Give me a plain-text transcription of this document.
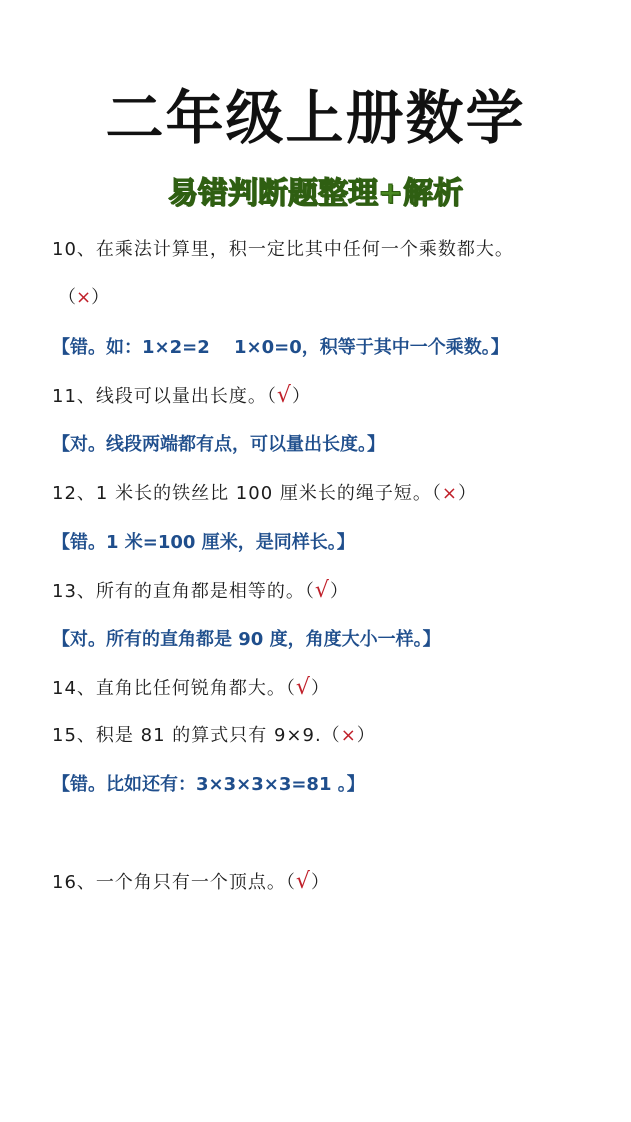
二年级上册数学
易错判断题整理+解析
10、在乘法计算里，积一定比其中任何一个乘数都大。
（×）
【错。如：1×2=2　 1×0=0，积等于其中一个乘数。】
11、线段可以量出长度。（√）
【对。线段两端都有点，可以量出长度。】
12、1 米长的铁丝比 100 厘米长的绳子短。（×）
【错。1 米=100 厘米，是同样长。】
13、所有的直角都是相等的。（√）
【对。所有的直角都是 90 度，角度大小一样。】
14、直角比任何锐角都大。（√）
15、积是 81 的算式只有 9×9.（×）
【错。比如还有：3×3×3×3=81 。】
16、一个角只有一个顶点。（√）
